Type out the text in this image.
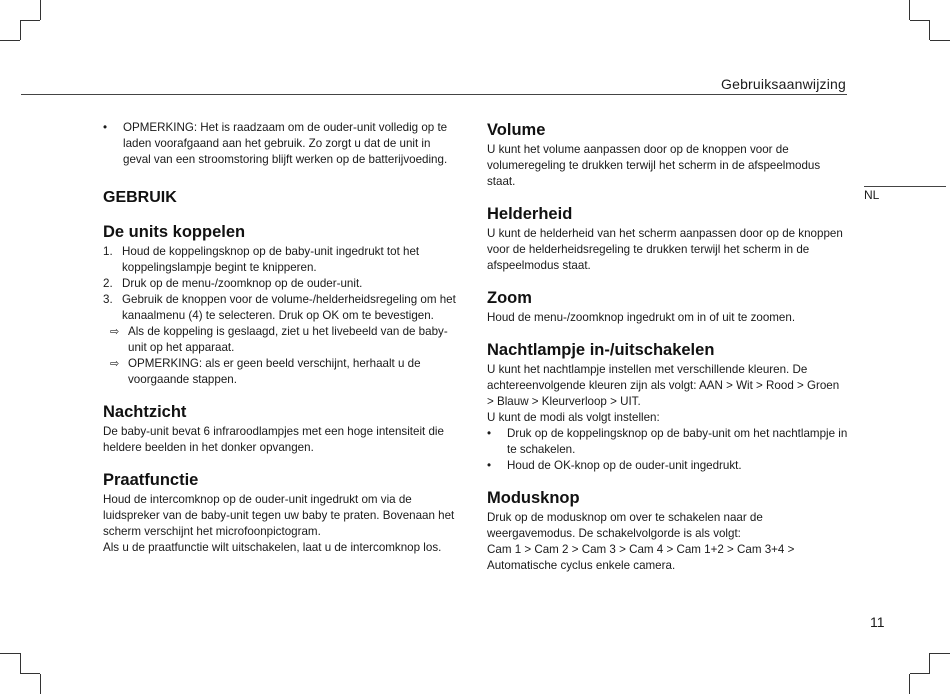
Gebruiksaanwijzing
NL
• OPMERKING: Het is raadzaam om de ouder-unit volledig op te laden voorafgaand aan het gebruik. Zo zorgt u dat de unit in geval van een stroomstoring blijft werken op de batterijvoeding.
GEBRUIK
De units koppelen
1. Houd de koppelingsknop op de baby-unit ingedrukt tot het koppelingslampje begint te knipperen.
2. Druk op de menu-/zoomknop op de ouder-unit.
3. Gebruik de knoppen voor de volume-/helderheidsregeling om het kanaalmenu (4) te selecteren. Druk op OK om te bevestigen.
⇨ Als de koppeling is geslaagd, ziet u het livebeeld van de baby-unit op het apparaat.
⇨ OPMERKING: als er geen beeld verschijnt, herhaalt u de voorgaande stappen.
Nachtzicht

De baby-unit bevat 6 infraroodlampjes met een hoge intensiteit die heldere beelden in het donker opvangen.

Praatfunctie

Houd de intercomknop op de ouder-unit ingedrukt om via de luidspreker van de baby-unit tegen uw baby te praten. Bovenaan het scherm verschijnt het microfoonpictogram.

Als u de praatfunctie wilt uitschakelen, laat u de intercomknop los.

Volume

U kunt het volume aanpassen door op de knoppen voor de volumeregeling te drukken terwijl het scherm in de afspeelmodus staat.

Helderheid

U kunt de helderheid van het scherm aanpassen door op de knoppen voor de helderheidsregeling te drukken terwijl het scherm in de afspeelmodus staat.

Zoom

Houd de menu-/zoomknop ingedrukt om in of uit te zoomen.

Nachtlampje in-/uitschakelen

U kunt het nachtlampje instellen met verschillende kleuren. De achtereenvolgende kleuren zijn als volgt: AAN > Wit > Rood > Groen > Blauw > Kleurverloop > UIT.

U kunt de modi als volgt instellen:

• Druk op de koppelingsknop op de baby-unit om het nachtlampje in te schakelen.
• Houd de OK-knop op de ouder-unit ingedrukt.
Modusknop

Druk op de modusknop om over te schakelen naar de weergavemodus. De schakelvolgorde is als volgt:

Cam 1 > Cam 2 > Cam 3 > Cam 4 > Cam 1+2 > Cam 3+4 > Automatische cyclus enkele camera.

11
